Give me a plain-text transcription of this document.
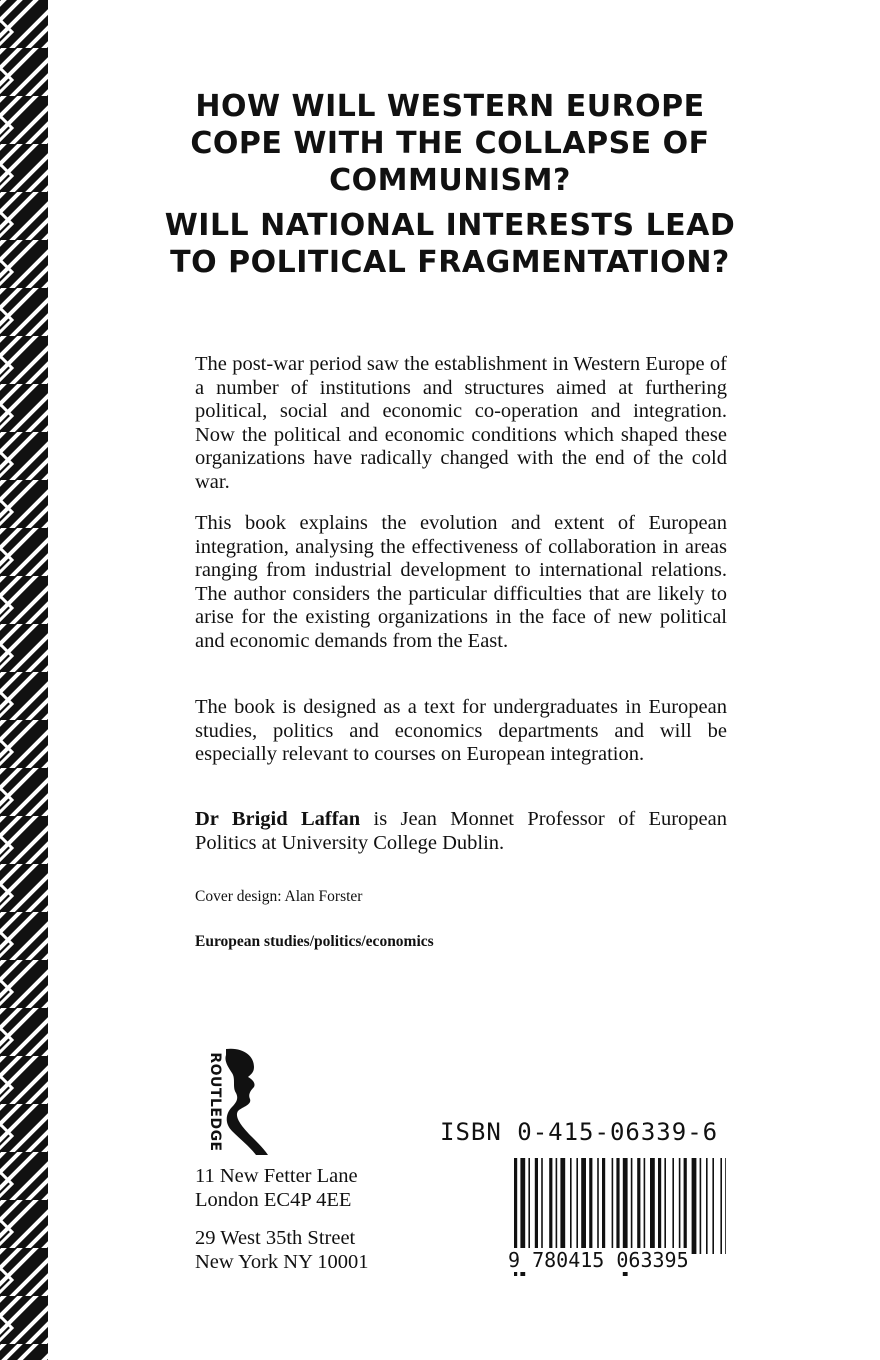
HOW WILL WESTERN EUROPE COPE WITH THE COLLAPSE OF COMMUNISM?
WILL NATIONAL INTERESTS LEAD TO POLITICAL FRAGMENTATION?

The post-war period saw the establishment in Western Europe of a number of institutions and structures aimed at furthering political, social and economic co-operation and integration. Now the political and economic conditions which shaped these organizations have radically changed with the end of the cold war.

This book explains the evolution and extent of European integration, analysing the effectiveness of collaboration in areas ranging from industrial development to international relations. The author considers the particular difficulties that are likely to arise for the existing organizations in the face of new political and economic demands from the East.

The book is designed as a text for undergraduates in European studies, politics and economics departments and will be especially relevant to courses on European integration.

Dr Brigid Laffan is Jean Monnet Professor of European Politics at University College Dublin.

Cover design: Alan Forster

European studies/politics/economics

ROUTLEDGE

11 New Fetter Lane
London EC4P 4EE

29 West 35th Street
New York NY 10001

ISBN 0-415-06339-6

9 780415 063395
